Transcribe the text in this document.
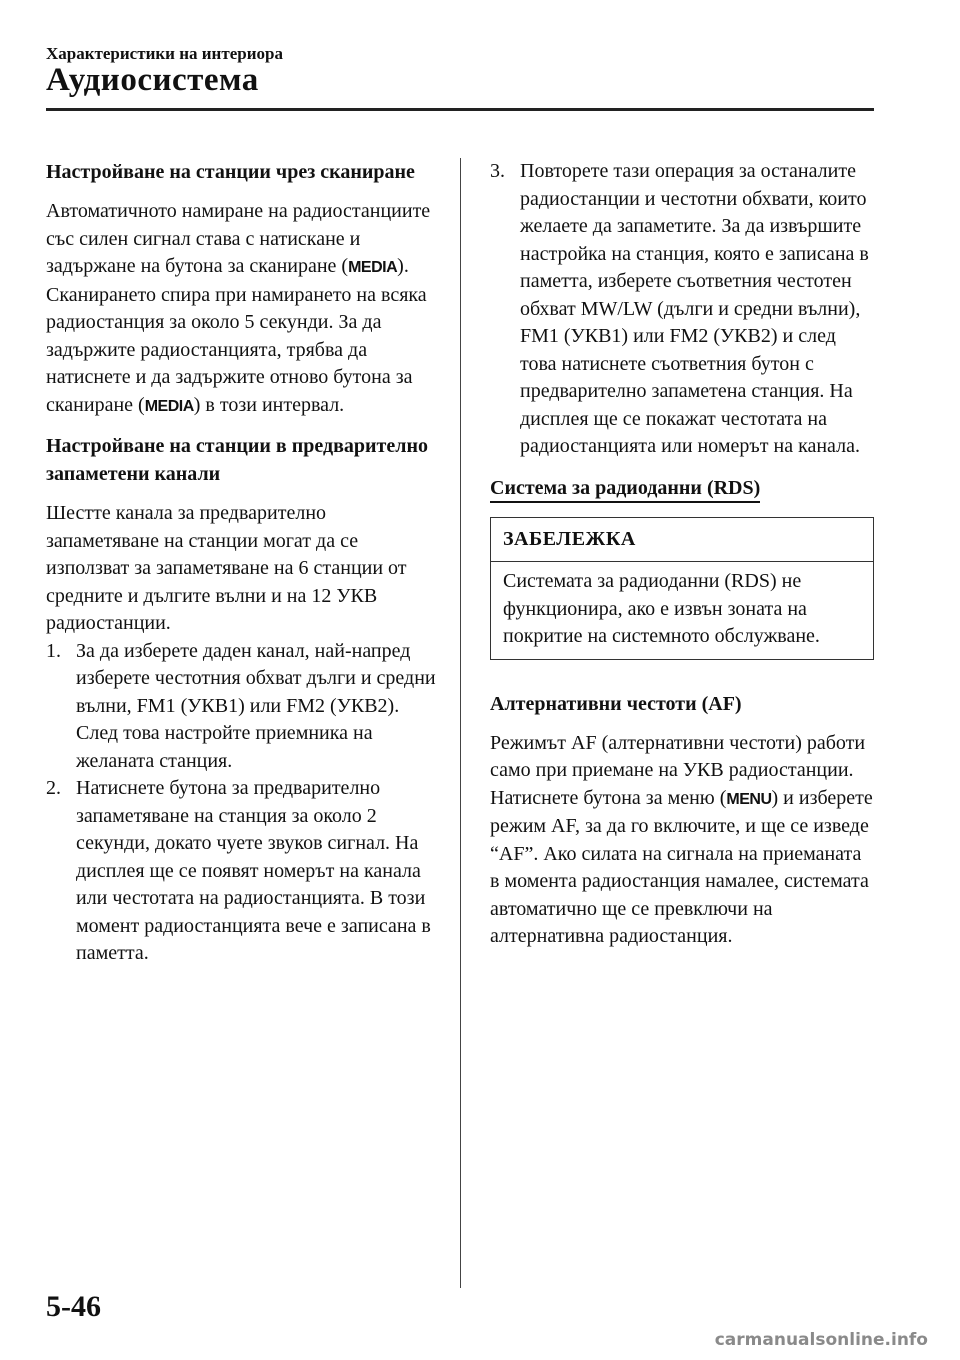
Характеристики на интериора
Аудиосистема
Настройване на станции чрез сканиране

Автоматичното намиране на радиостанциите със силен сигнал става с натискане и задържане на бутона за сканиране (MEDIA). Сканирането спира при намирането на всяка радиостанция за около 5 секунди. За да задържите радиостанцията, трябва да натиснете и да задържите отново бутона за сканиране (MEDIA) в този интервал.

Настройване на станции в предварително запаметени канали

Шестте канала за предварително запаметяване на станции могат да се използват за запаметяване на 6 станции от средните и дългите вълни и на 12 УКВ радиостанции.

1. За да изберете даден канал, най-напред изберете честотния обхват дълги и средни вълни, FM1 (УКВ1) или FM2 (УКВ2). След това настройте приемника на желаната станция.
2. Натиснете бутона за предварително запаметяване на станция за около 2 секунди, докато чуете звуков сигнал. На дисплея ще се появят номерът на канала или честотата на радиостанцията. В този момент радиостанцията вече е записана в паметта.
3. Повторете тази операция за останалите радиостанции и честотни обхвати, които желаете да запаметите. За да извършите настройка на станция, която е записана в паметта, изберете съответния честотен обхват MW/LW (дълги и средни вълни), FM1 (УКВ1) или FM2 (УКВ2) и след това натиснете съответния бутон с предварително запаметена станция. На дисплея ще се покажат честотата на радиостанцията или номерът на канала.
Система за радиоданни (RDS)
ЗАБЕЛЕЖКА
Системата за радиоданни (RDS) не функционира, ако е извън зоната на покритие на системното обслужване.
Алтернативни честоти (AF)

Режимът AF (алтернативни честоти) работи само при приемане на УКВ радиостанции. Натиснете бутона за меню (MENU) и изберете режим AF, за да го включите, и ще се изведе “AF”. Ако силата на сигнала на приеманата в момента радиостанция намалее, системата автоматично ще се превключи на алтернативна радиостанция.

5-46
carmanualsonline.info
